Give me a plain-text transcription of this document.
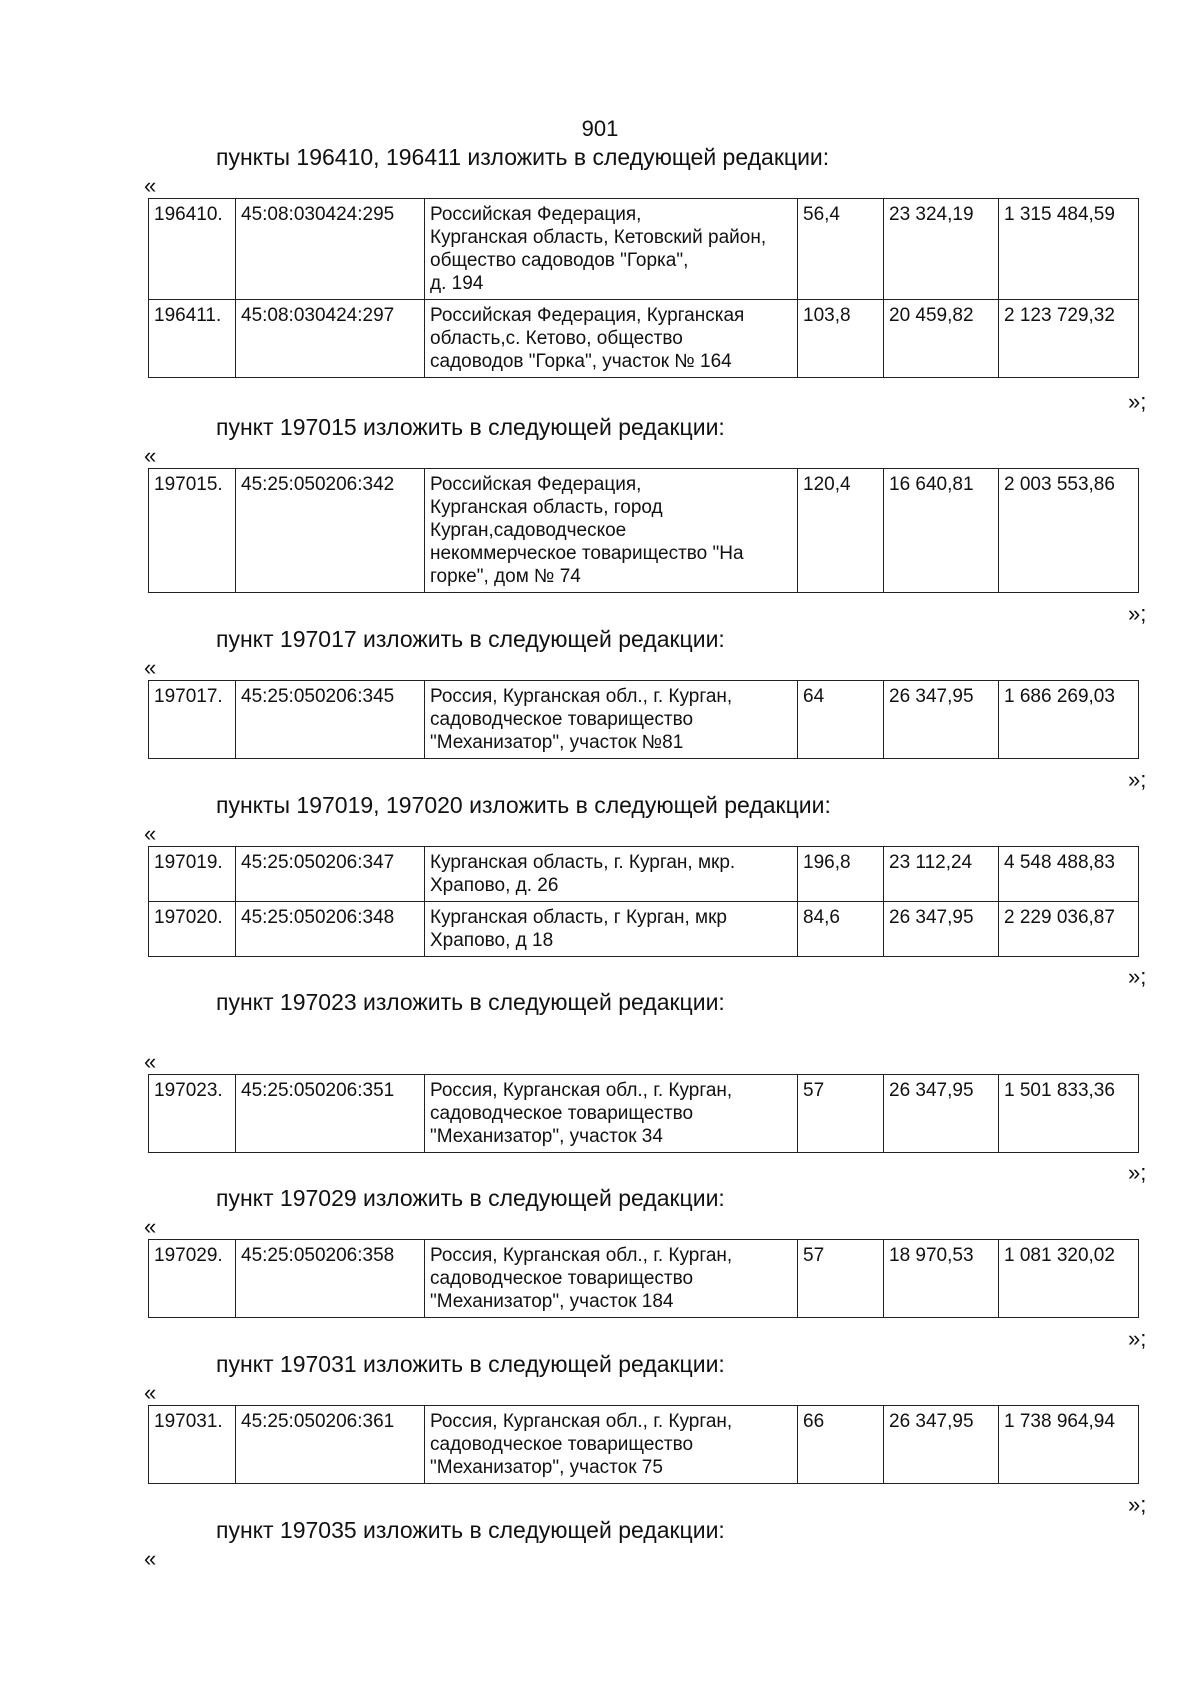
901
пункты 196410, 196411 изложить в следующей редакции:
«
196410.	45:08:030424:295	Российская Федерация,
Курганская область, Кетовский район,
общество садоводов "Горка",
д. 194	56,4	23 324,19	1 315 484,59
196411.	45:08:030424:297	Российская Федерация, Курганская
область,с. Кетово, общество
садоводов "Горка", участок № 164	103,8	20 459,82	2 123 729,32
»;
пункт 197015 изложить в следующей редакции:
«
197015.	45:25:050206:342	Российская Федерация,
Курганская область, город
Курган,садоводческое
некоммерческое товарищество "На
горке", дом № 74	120,4	16 640,81	2 003 553,86
»;
пункт 197017 изложить в следующей редакции:
«
197017.	45:25:050206:345	Россия, Курганская обл., г. Курган,
садоводческое товарищество
"Механизатор", участок №81	64	26 347,95	1 686 269,03
»;
пункты 197019, 197020 изложить в следующей редакции:
«
197019.	45:25:050206:347	Курганская область, г. Курган, мкр.
Храпово, д. 26	196,8	23 112,24	4 548 488,83
197020.	45:25:050206:348	Курганская область, г Курган, мкр
Храпово, д 18	84,6	26 347,95	2 229 036,87
»;
пункт 197023 изложить в следующей редакции:
«
197023.	45:25:050206:351	Россия, Курганская обл., г. Курган,
садоводческое товарищество
"Механизатор", участок 34	57	26 347,95	1 501 833,36
»;
пункт 197029 изложить в следующей редакции:
«
197029.	45:25:050206:358	Россия, Курганская обл., г. Курган,
садоводческое товарищество
"Механизатор", участок 184	57	18 970,53	1 081 320,02
»;
пункт 197031 изложить в следующей редакции:
«
197031.	45:25:050206:361	Россия, Курганская обл., г. Курган,
садоводческое товарищество
"Механизатор", участок 75	66	26 347,95	1 738 964,94
»;
пункт 197035 изложить в следующей редакции:
«
